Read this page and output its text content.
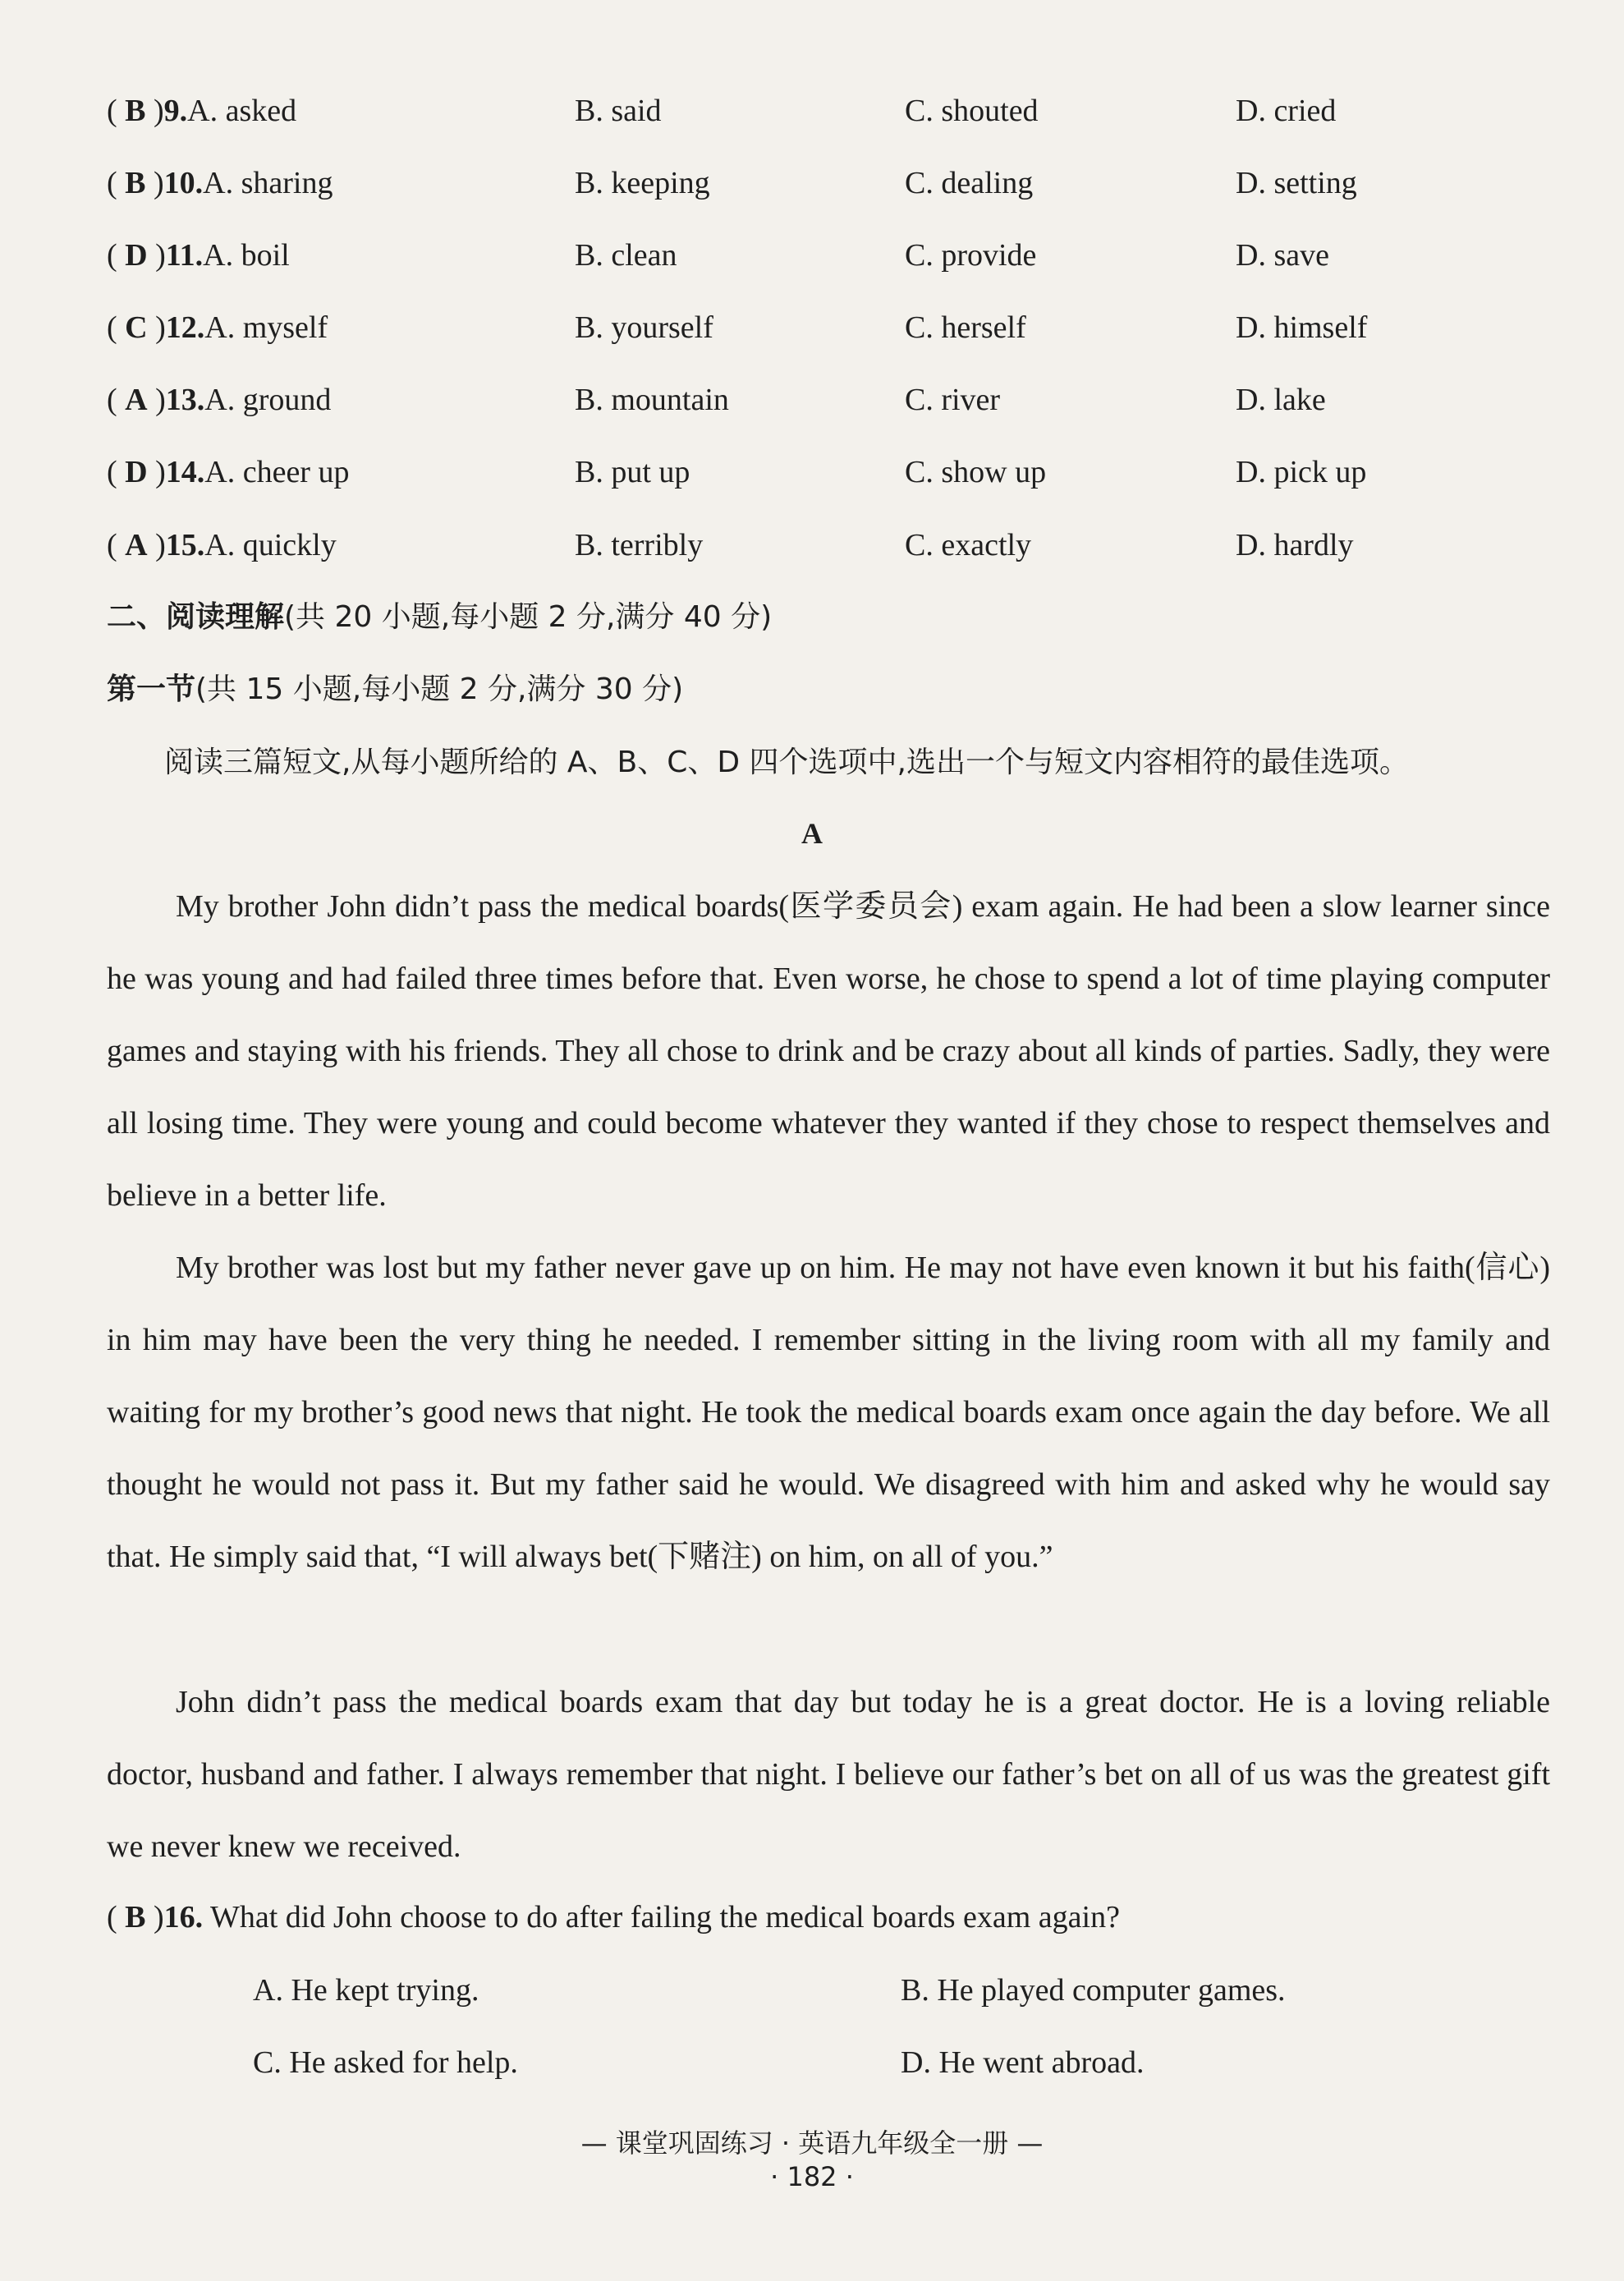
( B )9.A. asked	B. said	C. shouted	D. cried
( B )10.A. sharing	B. keeping	C. dealing	D. setting
( D )11.A. boil	B. clean	C. provide	D. save
( C )12.A. myself	B. yourself	C. herself	D. himself
( A )13.A. ground	B. mountain	C. river	D. lake
( D )14.A. cheer up	B. put up	C. show up	D. pick up
( A )15.A. quickly	B. terribly	C. exactly	D. hardly
二、阅读理解(共 20 小题,每小题 2 分,满分 40 分)
第一节(共 15 小题,每小题 2 分,满分 30 分)
阅读三篇短文,从每小题所给的 A、B、C、D 四个选项中,选出一个与短文内容相符的最佳选项。
A

My brother John didn’t pass the medical boards(医学委员会) exam again. He had been a slow learner since he was young and had failed three times before that. Even worse, he chose to spend a lot of time playing computer games and staying with his friends. They all chose to drink and be crazy about all kinds of parties. Sadly, they were all losing time. They were young and could become whatever they wanted if they chose to respect themselves and believe in a better life.

My brother was lost but my father never gave up on him. He may not have even known it but his faith(信心) in him may have been the very thing he needed. I remember sitting in the living room with all my family and waiting for my brother’s good news that night. He took the medical boards exam once again the day before. We all thought he would not pass it. But my father said he would. We disagreed with him and asked why he would say that. He simply said that, “I will always bet(下赌注) on him, on all of you.”

John didn’t pass the medical boards exam that day but today he is a great doctor. He is a loving reliable doctor, husband and father. I always remember that night. I believe our father’s bet on all of us was the greatest gift we never knew we received.

( B )16. What did John choose to do after failing the medical boards exam again?
A. He kept trying.	B. He played computer games.
C. He asked for help.	D. He went abroad.
— 课堂巩固练习 · 英语九年级全一册 —
· 182 ·
